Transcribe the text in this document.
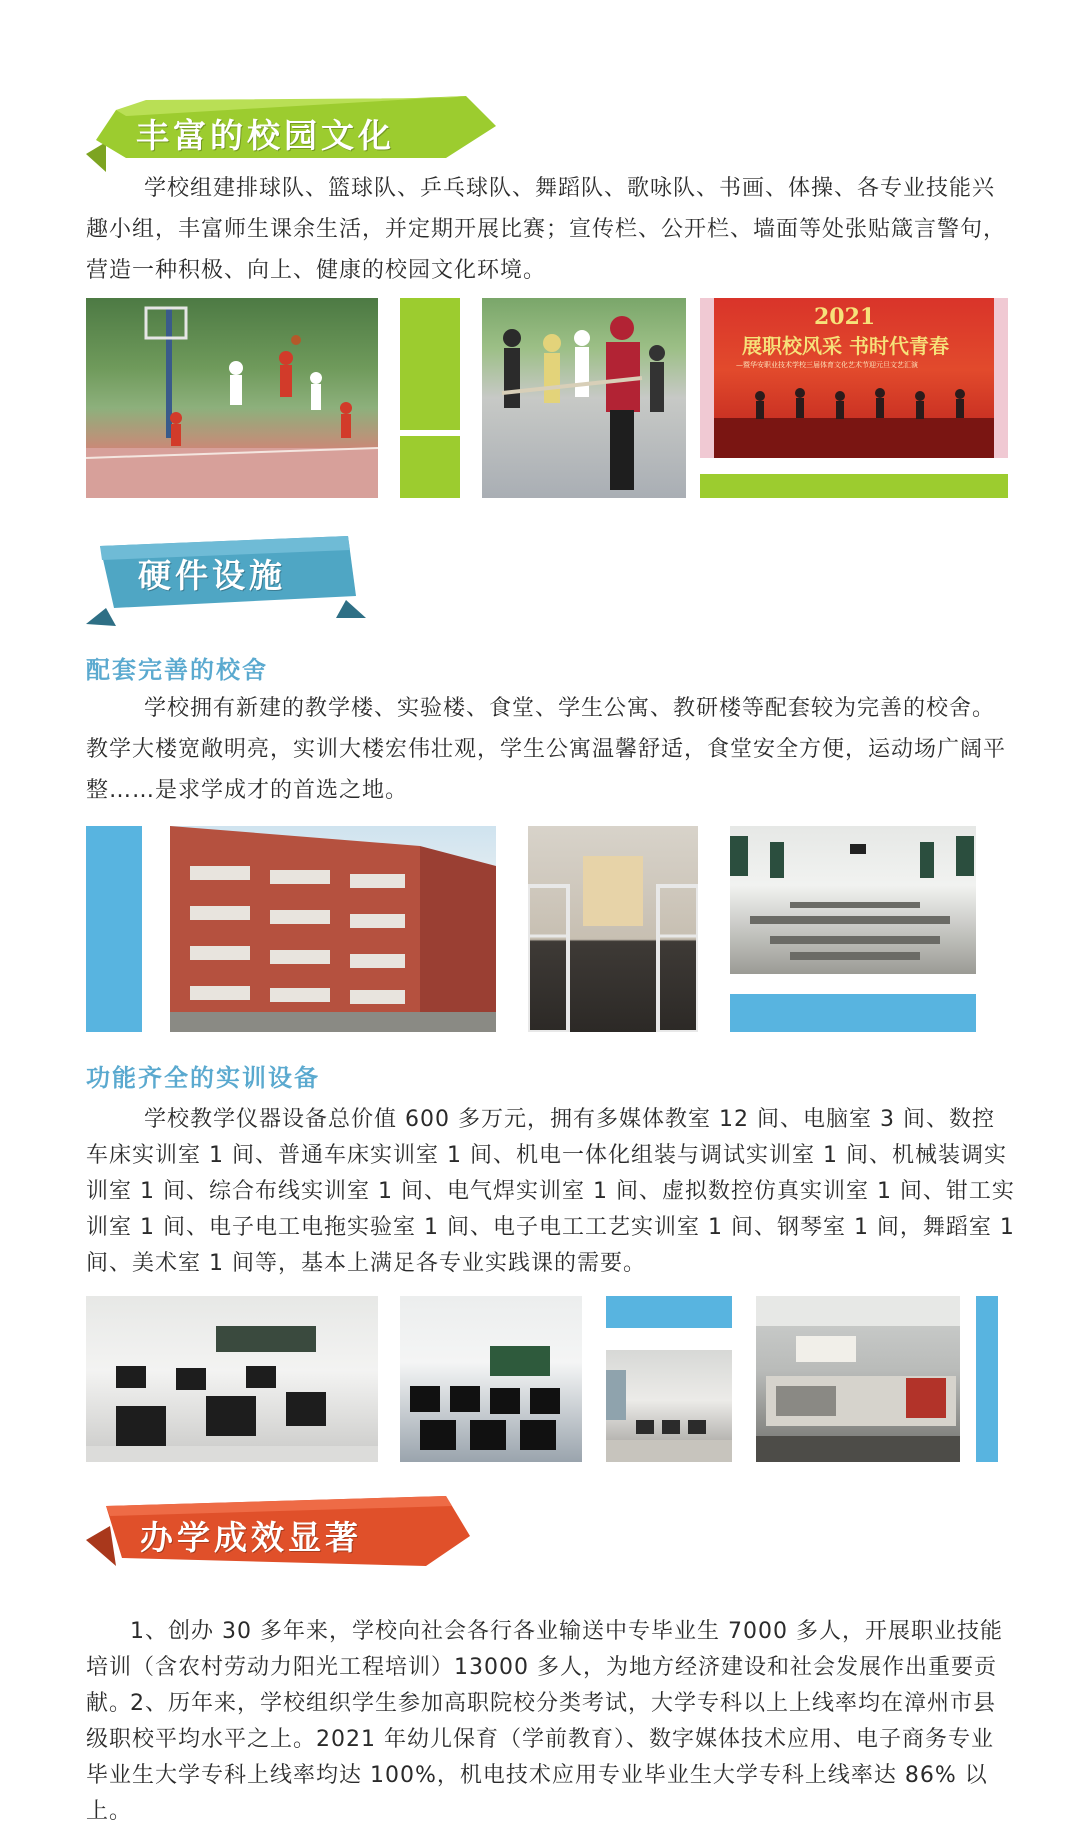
丰富的校园文化
学校组建排球队、篮球队、乒乓球队、舞蹈队、歌咏队、书画、体操、各专业技能兴趣小组，丰富师生课余生活，并定期开展比赛；宣传栏、公开栏、墙面等处张贴箴言警句，营造一种积极、向上、健康的校园文化环境。
2021
展职校风采 书时代青春
—暨华安职业技术学校三届体育文化艺术节迎元旦文艺汇演
硬件设施
配套完善的校舍
学校拥有新建的教学楼、实验楼、食堂、学生公寓、教研楼等配套较为完善的校舍。教学大楼宽敞明亮，实训大楼宏伟壮观，学生公寓温馨舒适，食堂安全方便，运动场广阔平整……是求学成才的首选之地。
功能齐全的实训设备
学校教学仪器设备总价值 600 多万元，拥有多媒体教室 12 间、电脑室 3 间、数控车床实训室 1 间、普通车床实训室 1 间、机电一体化组装与调试实训室 1 间、机械装调实训室 1 间、综合布线实训室 1 间、电气焊实训室 1 间、虚拟数控仿真实训室 1 间、钳工实训室 1 间、电子电工电拖实验室 1 间、电子电工工艺实训室 1 间、钢琴室 1 间，舞蹈室 1 间、美术室 1 间等，基本上满足各专业实践课的需要。
办学成效显著
1、创办 30 多年来，学校向社会各行各业输送中专毕业生 7000 多人，开展职业技能培训（含农村劳动力阳光工程培训）13000 多人，为地方经济建设和社会发展作出重要贡献。
2、历年来，学校组织学生参加高职院校分类考试，大学专科以上上线率均在漳州市县级职校平均水平之上。2021 年幼儿保育（学前教育）、数字媒体技术应用、电子商务专业毕业生大学专科上线率均达 100%，机电技术应用专业毕业生大学专科上线率达 86% 以上。
